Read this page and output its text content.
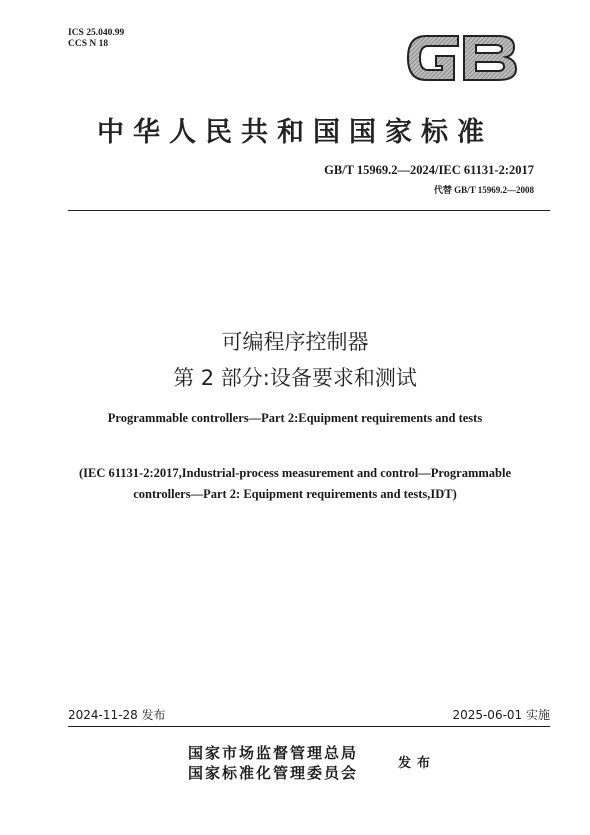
ICS 25.040.99
CCS N 18
中华人民共和国国家标准
GB/T 15969.2—2024/IEC 61131-2:2017
代替 GB/T 15969.2—2008
可编程序控制器
第 2 部分:设备要求和测试
Programmable controllers—Part 2:Equipment requirements and tests
(IEC 61131-2:2017,Industrial-process measurement and control—Programmable
controllers—Part 2: Equipment requirements and tests,IDT)
2024-11-28 发布	2025-06-01 实施
国家市场监督管理总局
国家标准化管理委员会
发布
